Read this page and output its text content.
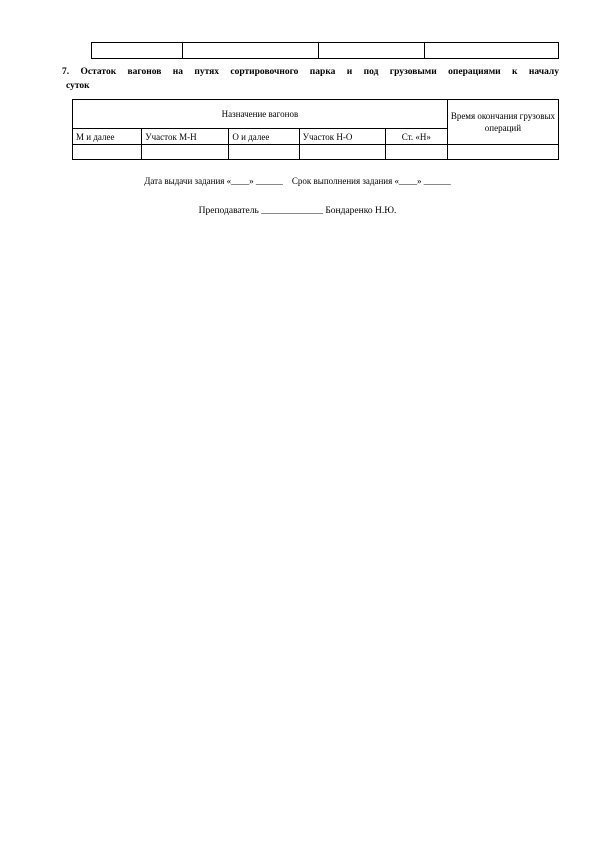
7. Остаток вагонов на путях сортировочного парка и под грузовыми операциями к началу

суток

Назначение вагонов					Время окончания грузовых операций
М и далее	Участок М-Н	О и далее	Участок Н-О	Ст. «Н»	

Дата выдачи задания «____» ______    Срок выполнения задания «____» ______
Преподаватель _____________ Бондаренко Н.Ю.
